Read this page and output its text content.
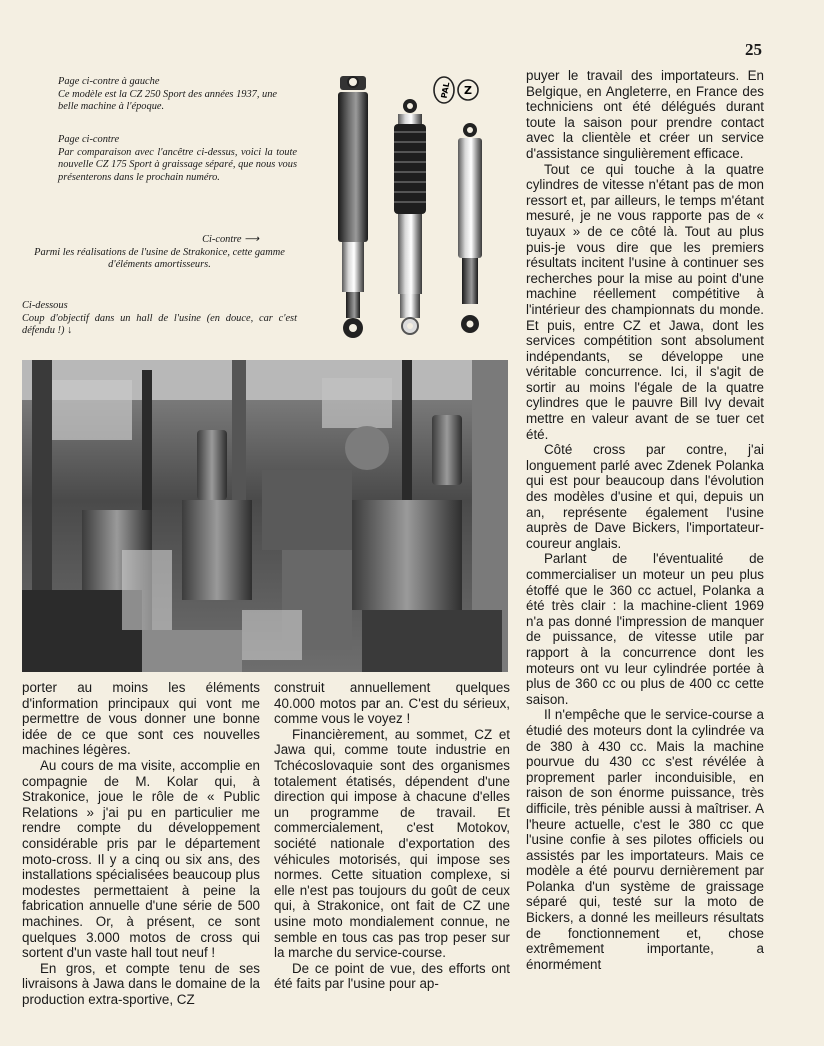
25
Page ci-contre à gauche

Ce modèle est la CZ 250 Sport des années 1937, une belle machine à l'époque.

Page ci-contre

Par comparaison avec l'ancêtre ci-dessus, voici la toute nouvelle CZ 175 Sport à graissage séparé, que nous vous présenterons dans le prochain numéro.

Ci-contre ⟶

Parmi les réalisations de l'usine de Strakonice, cette gamme d'éléments amortisseurs.

Ci-dessous

Coup d'objectif dans un hall de l'usine (en douce, car c'est défendu !) ↓

PAL Z

porter au moins les éléments d'information principaux qui vont me permettre de vous donner une bonne idée de ce que sont ces nouvelles machines légères.

Au cours de ma visite, accomplie en compagnie de M. Kolar qui, à Strakonice, joue le rôle de « Public Relations » j'ai pu en particulier me rendre compte du développement considérable pris par le département moto-cross. Il y a cinq ou six ans, des installations spécialisées beaucoup plus modestes permettaient à peine la fabrication annuelle d'une série de 500 machines. Or, à présent, ce sont quelques 3.000 motos de cross qui sortent d'un vaste hall tout neuf !

En gros, et compte tenu de ses livraisons à Jawa dans le domaine de la production extra-sportive, CZ

construit annuellement quelques 40.000 motos par an. C'est du sérieux, comme vous le voyez !

Financièrement, au sommet, CZ et Jawa qui, comme toute industrie en Tchécoslovaquie sont des organismes totalement étatisés, dépendent d'une direction qui impose à chacune d'elles un programme de travail. Et commercialement, c'est Motokov, société nationale d'exportation des véhicules motorisés, qui impose ses normes. Cette situation complexe, si elle n'est pas toujours du goût de ceux qui, à Strakonice, ont fait de CZ une usine moto mondialement connue, ne semble en tous cas pas trop peser sur la marche du service-course.

De ce point de vue, des efforts ont été faits par l'usine pour ap-

puyer le travail des importateurs. En Belgique, en Angleterre, en France des techniciens ont été délégués durant toute la saison pour prendre contact avec la clientèle et créer un service d'assistance singulièrement efficace.

Tout ce qui touche à la quatre cylindres de vitesse n'étant pas de mon ressort et, par ailleurs, le temps m'étant mesuré, je ne vous rapporte pas de « tuyaux » de ce côté là. Tout au plus puis-je vous dire que les premiers résultats incitent l'usine à continuer ses recherches pour la mise au point d'une machine réellement compétitive à l'intérieur des championnats du monde. Et puis, entre CZ et Jawa, dont les services compétition sont absolument indépendants, se développe une véritable concurrence. Ici, il s'agit de sortir au moins l'égale de la quatre cylindres que le pauvre Bill Ivy devait mettre en valeur avant de se tuer cet été.

Côté cross par contre, j'ai longuement parlé avec Zdenek Polanka qui est pour beaucoup dans l'évolution des modèles d'usine et qui, depuis un an, représente également l'usine auprès de Dave Bickers, l'importateur-coureur anglais.

Parlant de l'éventualité de commercialiser un moteur un peu plus étoffé que le 360 cc actuel, Polanka a été très clair : la machine-client 1969 n'a pas donné l'impression de manquer de puissance, de vitesse utile par rapport à la concurrence dont les moteurs ont vu leur cylindrée portée à plus de 360 cc ou plus de 400 cc cette saison.

Il n'empêche que le service-course a étudié des moteurs dont la cylindrée va de 380 à 430 cc. Mais la machine pourvue du 430 cc s'est révélée à proprement parler inconduisible, en raison de son énorme puissance, très difficile, très pénible aussi à maîtriser. A l'heure actuelle, c'est le 380 cc que l'usine confie à ses pilotes officiels ou assistés par les importateurs. Mais ce modèle a été pourvu dernièrement par Polanka d'un système de graissage séparé qui, testé sur la moto de Bickers, a donné les meilleurs résultats de fonctionnement et, chose extrêmement importante, a énormément
